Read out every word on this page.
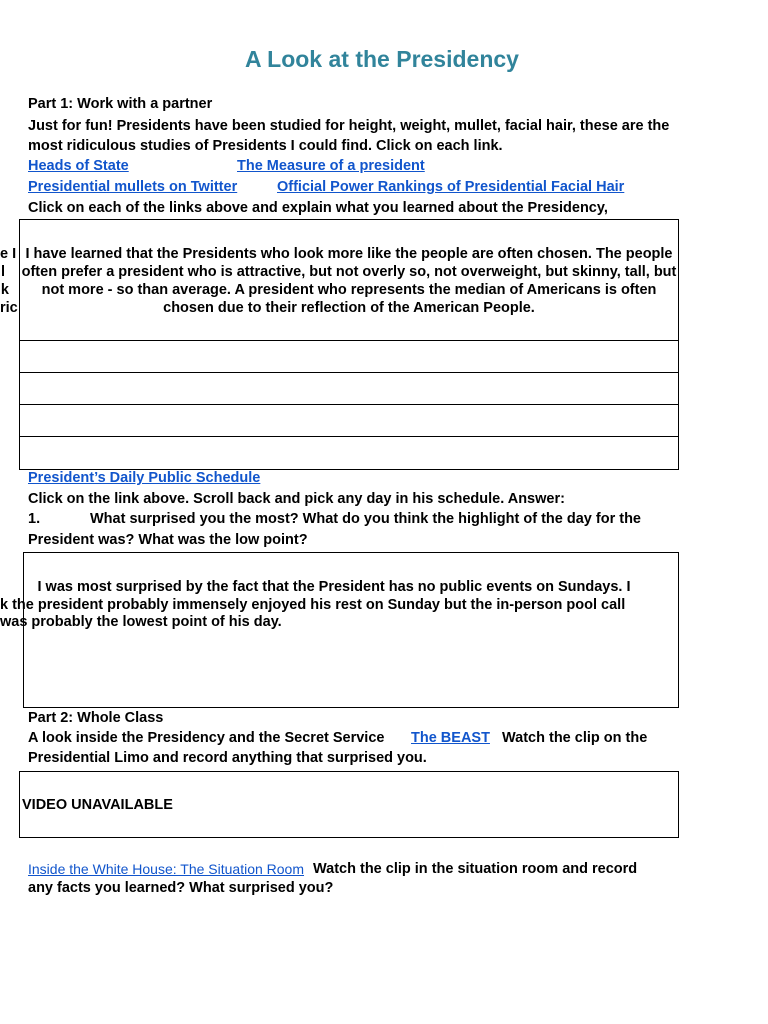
A Look at the Presidency
Part 1: Work with a partner
Just for fun! Presidents have been studied for height, weight, mullet, facial hair, these are the most ridiculous studies of Presidents I could find. Click on each link.
Heads of State	The Measure of a president
Presidential mullets on Twitter	Official Power Rankings of Presidential Facial Hair
Click on each of the links above and explain what you learned about the Presidency,
e I
l
k
ric
I have learned that the Presidents who look more like the people are often chosen. The people often prefer a president who is attractive, but not overly so, not overweight, but skinny, tall, but not more - so than average. A president who represents the median of Americans is often chosen due to their reflection of the American People.
President’s Daily Public Schedule
Click on the link above. Scroll back and pick any day in his schedule. Answer:
1.	What surprised you the most? What do you think the highlight of the day for the
President was? What was the low point?
I was most surprised by the fact that the President has no public events on Sundays. I
k the president probably immensely enjoyed his rest on Sunday but the in-person pool call
was probably the lowest point of his day.
Part 2: Whole Class
A look inside the Presidency and the Secret Service The BEAST Watch the clip on the
Presidential Limo and record anything that surprised you.
VIDEO UNAVAILABLE
Inside the White House: The Situation Room Watch the clip in the situation room and record
any facts you learned? What surprised you?
